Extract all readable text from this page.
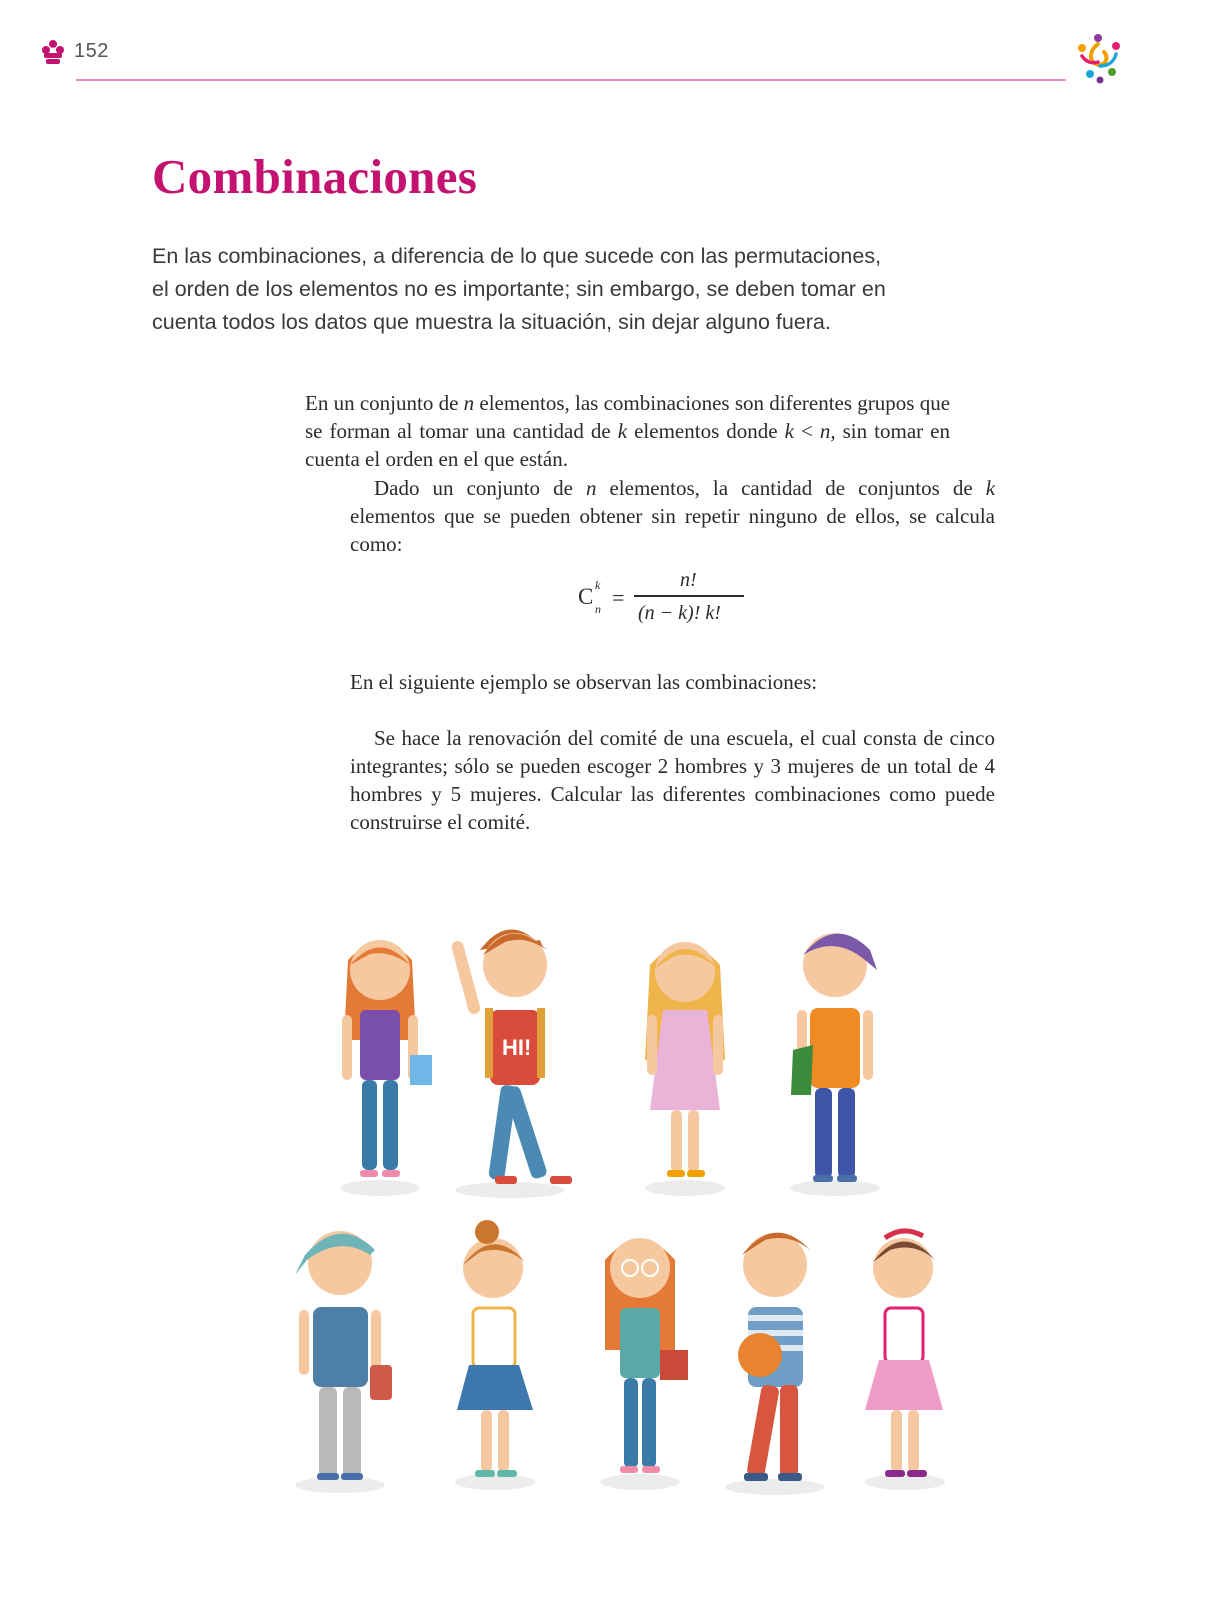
152
Combinaciones

En las combinaciones, a diferencia de lo que sucede con las permutaciones, el orden de los elementos no es importante; sin embargo, se deben tomar en cuenta todos los datos que muestra la situación, sin dejar alguno fuera.

En un conjunto de n elementos, las combinaciones son diferentes grupos que se forman al tomar una cantidad de k elementos donde k < n, sin tomar en cuenta el orden en el que están.

Dado un conjunto de n elementos, la cantidad de conjuntos de k elementos que se pueden obtener sin repetir ninguno de ellos, se calcula como:

C k
n =
n!
(n − k)! k!

En el siguiente ejemplo se observan las combinaciones:

Se hace la renovación del comité de una escuela, el cual consta de cinco integrantes; sólo se pueden escoger 2 hombres y 3 mujeres de un total de 4 hombres y 5 mujeres. Calcular las diferentes combinaciones como puede construirse el comité.

HI!
